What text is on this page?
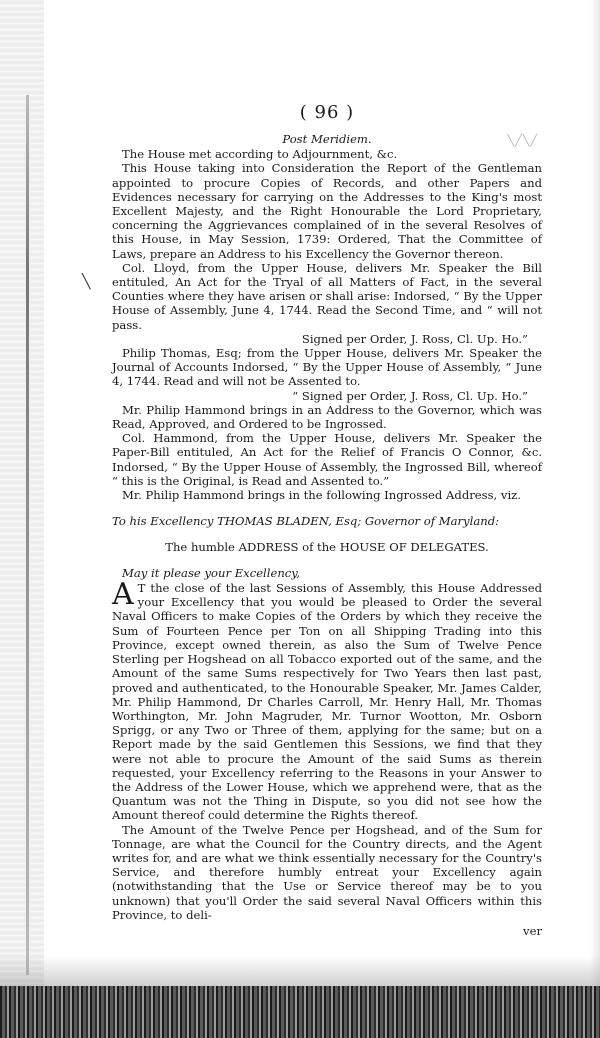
╲╱╲╱
╲
( 96 )
Post Meridiem.

The House met according to Adjournment, &c.

This House taking into Consideration the Report of the Gentleman appointed to procure Copies of Records, and other Papers and Evidences necessary for carrying on the Addresses to the King's most Excellent Majesty, and the Right Honourable the Lord Proprietary, concerning the Aggrievances complained of in the several Resolves of this House, in May Session, 1739: Ordered, That the Committee of Laws, prepare an Address to his Excellency the Governor thereon.

Col. Lloyd, from the Upper House, delivers Mr. Speaker the Bill entituled, An Act for the Tryal of all Matters of Fact, in the several Counties where they have arisen or shall arise: Indorsed, “ By the Upper House of Assembly, June 4, 1744. Read the Second Time, and “ will not pass.

Signed per Order, J. Ross, Cl. Up. Ho.”

Philip Thomas, Esq; from the Upper House, delivers Mr. Speaker the Journal of Accounts Indorsed, “ By the Upper House of Assembly, “ June 4, 1744. Read and will not be Assented to.

“ Signed per Order, J. Ross, Cl. Up. Ho.”

Mr. Philip Hammond brings in an Address to the Governor, which was Read, Approved, and Ordered to be Ingrossed.

Col. Hammond, from the Upper House, delivers Mr. Speaker the Paper-Bill entituled, An Act for the Relief of Francis O Connor, &c. Indorsed, “ By the Upper House of Assembly, the Ingrossed Bill, whereof “ this is the Original, is Read and Assented to.”

Mr. Philip Hammond brings in the following Ingrossed Address, viz.

To his Excellency THOMAS BLADEN, Esq; Governor of Maryland:

The humble ADDRESS of the HOUSE OF DELEGATES.

May it please your Excellency,

A T the close of the last Sessions of Assembly, this House Addressed your Excellency that you would be pleased to Order the several Naval Officers to make Copies of the Orders by which they receive the Sum of Fourteen Pence per Ton on all Shipping Trading into this Province, except owned therein, as also the Sum of Twelve Pence Sterling per Hogshead on all Tobacco exported out of the same, and the Amount of the same Sums respectively for Two Years then last past, proved and authenticated, to the Honourable Speaker, Mr. James Calder, Mr. Philip Hammond, Dr Charles Carroll, Mr. Henry Hall, Mr. Thomas Worthington, Mr. John Magruder, Mr. Turnor Wootton, Mr. Osborn Sprigg, or any Two or Three of them, applying for the same; but on a Report made by the said Gentlemen this Sessions, we find that they were not able to procure the Amount of the said Sums as therein requested, your Excellency referring to the Reasons in your Answer to the Address of the Lower House, which we apprehend were, that as the Quantum was not the Thing in Dispute, so you did not see how the Amount thereof could determine the Rights thereof.

The Amount of the Twelve Pence per Hogshead, and of the Sum for Tonnage, are what the Council for the Country directs, and the Agent writes for, and are what we think essentially necessary for the Country's Service, and therefore humbly entreat your Excellency again (notwithstanding that the Use or Service thereof may be to you unknown) that you'll Order the said several Naval Officers within this Province, to deli-

ver
